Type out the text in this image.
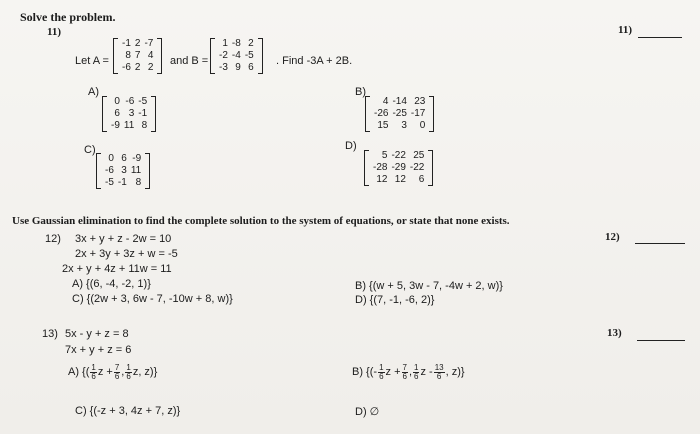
Solve the problem.
11)	11)
Let A =
-1	2	-7
8	7	4
-6	2	2
and B =
1	-8	2
-2	-4	-5
-3	9	6
. Find -3A + 2B.
A)
0	-6	-5
6	3	-1
-9	11	8
B)
4	-14	23
-26	-25	-17
15	3	0
C)
0	6	-9
-6	3	11
-5	-1	8
D)
5	-22	25
-28	-29	-22
12	12	6
Use Gaussian elimination to find the complete solution to the system of equations, or state that none exists.
12) 3x + y + z - 2w = 10
2x + 3y + 3z + w = -5
2x + y + 4z + 11w = 11
12)
A) {(6, -4, -2, 1)}	B) {(w + 5, 3w - 7, -4w + 2, w)}
C) {(2w + 3, 6w - 7, -10w + 8, w)}	D) {(7, -1, -6, 2)}
13) 5x - y + z = 8
7x + y + z = 6
13)
A) {( $\frac{1}{6}$ $z + \frac{7}{6}$ , $\frac{1}{6} z$, z)}	B) {(- $\frac{1}{6}$ $z + \frac{7}{6}$ , $\frac{1}{6}$ z - $\frac{13}{6}$ , z)}
C) {(-z + 3, 4z + 7, z)}	D) ∅
